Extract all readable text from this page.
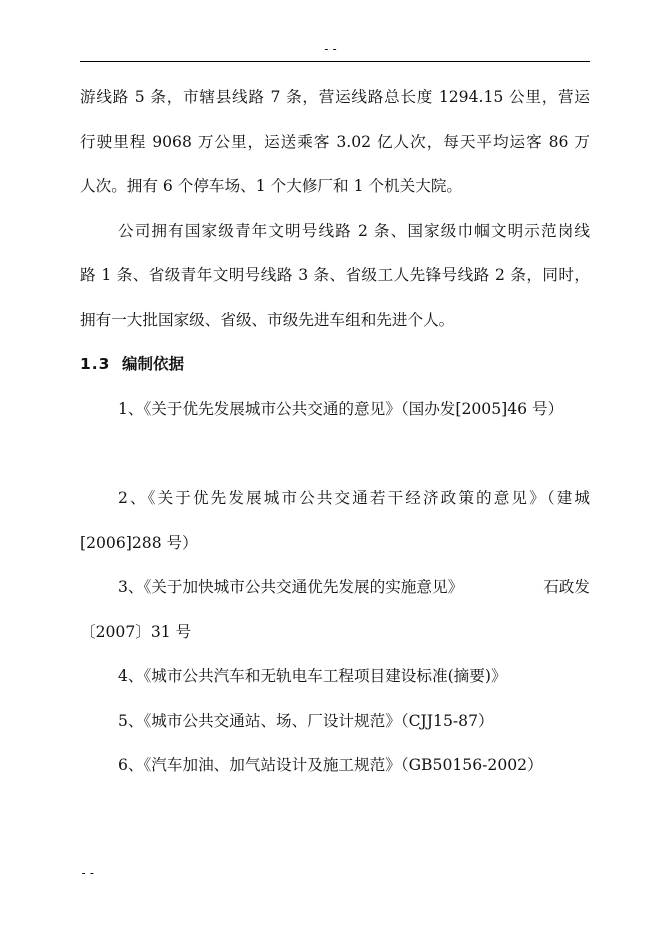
--
游线路 5 条，市辖县线路 7 条，营运线路总长度 1294.15 公里，营运
行驶里程 9068 万公里，运送乘客 3.02 亿人次，每天平均运客 86 万
人次。拥有 6 个停车场、1 个大修厂和 1 个机关大院。
公司拥有国家级青年文明号线路 2 条、国家级巾帼文明示范岗线
路 1 条、省级青年文明号线路 3 条、省级工人先锋号线路 2 条，同时，
拥有一大批国家级、省级、市级先进车组和先进个人。
1.3 编制依据
1、《关于优先发展城市公共交通的意见》（国办发[2005]46 号）
2、《关于优先发展城市公共交通若干经济政策的意见》（建城
[2006]288 号）
3、《关于加快城市公共交通优先发展的实施意见》	石政发
〔2007〕31 号
4、《城市公共汽车和无轨电车工程项目建设标准(摘要)》
5、《城市公共交通站、场、厂设计规范》（CJJ15-87）
6、《汽车加油、加气站设计及施工规范》（GB50156-2002）
--
